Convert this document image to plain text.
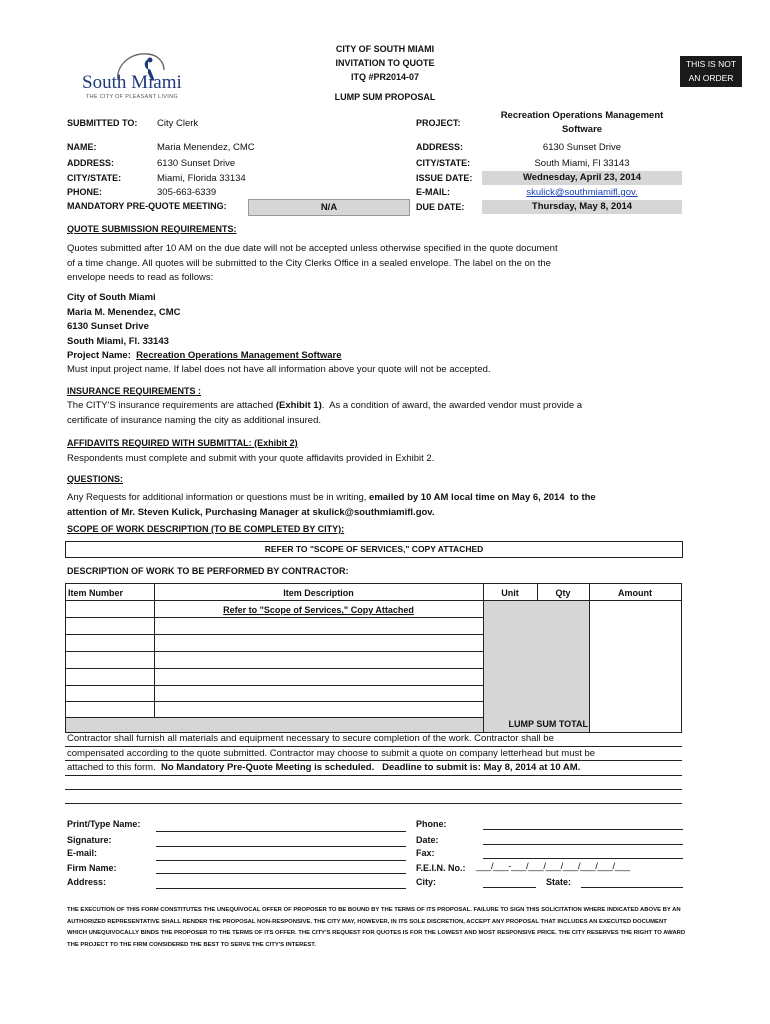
South Miami
THE CITY OF PLEASANT LIVING
CITY OF SOUTH MIAMI
INVITATION TO QUOTE
ITQ #PR2014-07
LUMP SUM PROPOSAL
THIS IS NOT
AN ORDER
SUBMITTED TO: City Clerk
NAME:	Maria Menendez, CMC
ADDRESS:	6130 Sunset Drive
CITY/STATE:	Miami, Florida 33134
PHONE:	305-663-6339
MANDATORY PRE-QUOTE MEETING:	N/A
PROJECT:
Recreation Operations Management
Software
ADDRESS:	6130 Sunset Drive
CITY/STATE:	South Miami, Fl 33143
ISSUE DATE:	Wednesday, April 23, 2014
E-MAIL:	skulick@southmiamifl.gov.
DUE DATE:	Thursday, May 8, 2014
QUOTE SUBMISSION REQUIREMENTS:
Quotes submitted after 10 AM on the due date will not be accepted unless otherwise specified in the quote document
of a time change. All quotes will be submitted to the City Clerks Office in a sealed envelope. The label on the on the
envelope needs to read as follows:
City of South Miami
Maria M. Menendez, CMC
6130 Sunset Drive
South Miami, Fl. 33143
Project Name:  Recreation Operations Management Software
Must input project name. If label does not have all information above your quote will not be accepted.
INSURANCE REQUIREMENTS :
The CITY'S insurance requirements are attached (Exhibit 1).  As a condition of award, the awarded vendor must provide a
certificate of insurance naming the city as additional insured.
AFFIDAVITS REQUIRED WITH SUBMITTAL: (Exhibit 2)
Respondents must complete and submit with your quote affidavits provided in Exhibit 2.
QUESTIONS:
Any Requests for additional information or questions must be in writing, emailed by 10 AM local time on May 6, 2014  to the
attention of Mr. Steven Kulick, Purchasing Manager at skulick@southmiamifl.gov.
SCOPE OF WORK DESCRIPTION (TO BE COMPLETED BY CITY):
REFER TO "SCOPE OF SERVICES," COPY ATTACHED
DESCRIPTION OF WORK TO BE PERFORMED BY CONTRACTOR:
Item Number	Item Description	Unit	Qty	Amount
Refer to "Scope of Services," Copy Attached
LUMP SUM TOTAL
Contractor shall furnish all materials and equipment necessary to secure completion of the work. Contractor shall be
compensated according to the quote submitted. Contractor may choose to submit a quote on company letterhead but must be
attached to this form.  No Mandatory Pre-Quote Meeting is scheduled.   Deadline to submit is: May 8, 2014 at 10 AM.
Print/Type Name:
Signature:
E-mail:
Firm Name:
Address:
Phone:
Date:
Fax:
F.E.I.N. No.: ___/___-___/___/___/___/___/___/___
City:	State:
THE EXECUTION OF THIS FORM CONSTITUTES THE UNEQUIVOCAL OFFER OF PROPOSER TO BE BOUND BY THE TERMS OF ITS PROPOSAL. FAILURE TO SIGN THIS SOLICITATION WHERE INDICATED ABOVE BY AN
AUTHORIZED REPRESENTATIVE SHALL RENDER THE PROPOSAL NON-RESPONSIVE. THE CITY MAY, HOWEVER, IN ITS SOLE DISCRETION, ACCEPT ANY PROPOSAL THAT INCLUDES AN EXECUTED DOCUMENT
WHICH UNEQUIVOCALLY BINDS THE PROPOSER TO THE TERMS OF ITS OFFER. THE CITY'S REQUEST FOR QUOTES IS FOR THE LOWEST AND MOST RESPONSIVE PRICE. THE CITY RESERVES THE RIGHT TO AWARD
THE PROJECT TO THE FIRM CONSIDERED THE BEST TO SERVE THE CITY'S INTEREST.
